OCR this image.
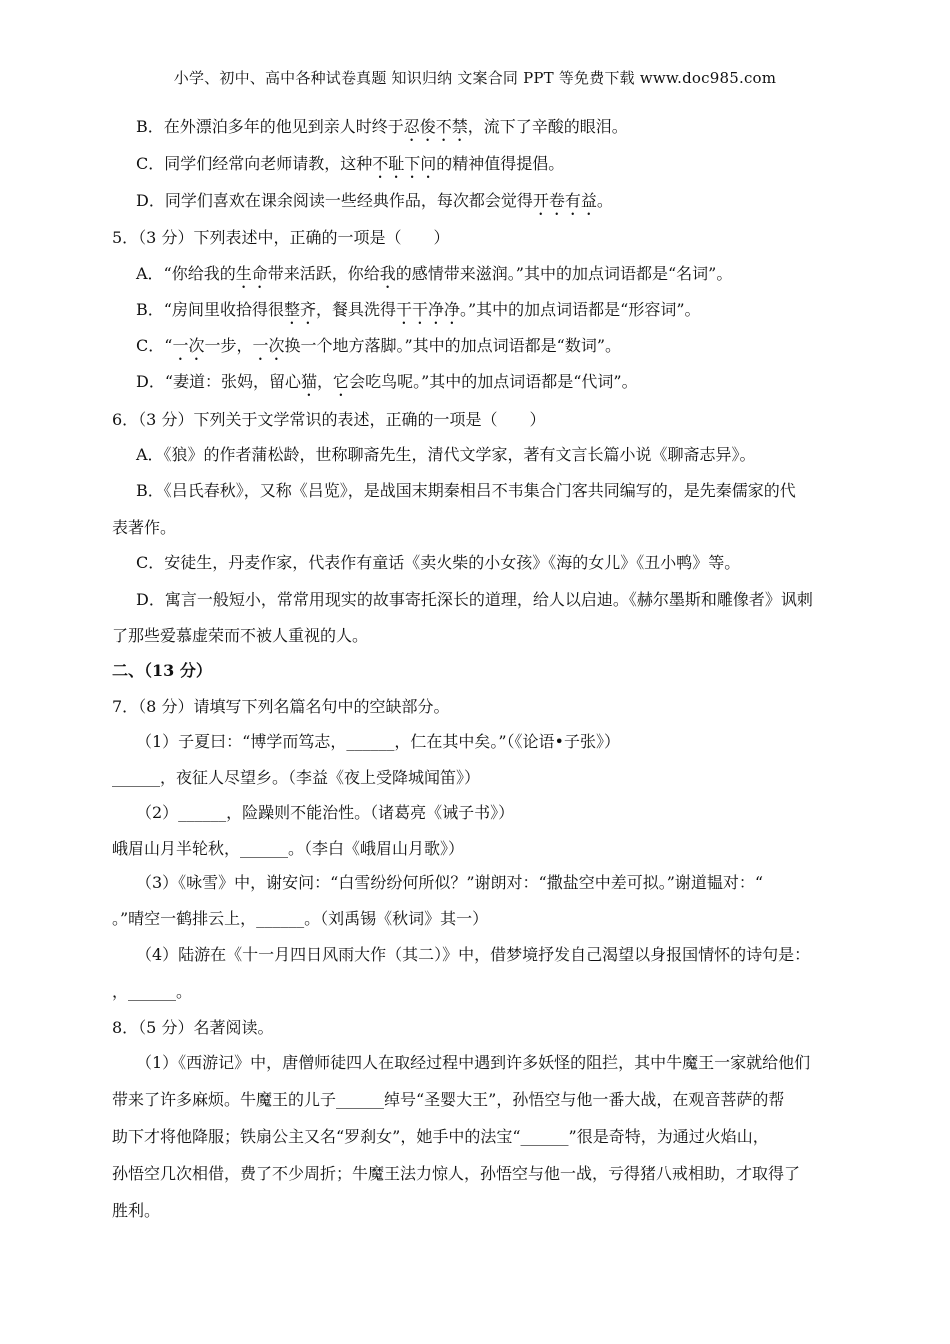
小学、初中、高中各种试卷真题 知识归纳 文案合同 PPT 等免费下载 www.doc985.com
B．在外漂泊多年的他见到亲人时终于忍俊不禁，流下了辛酸的眼泪。
C．同学们经常向老师请教，这种不耻下问的精神值得提倡。
D．同学们喜欢在课余阅读一些经典作品，每次都会觉得开卷有益。
5．（3 分）下列表述中，正确的一项是（　　）
A．“你给我的生命带来活跃，你给我的感情带来滋润。”其中的加点词语都是“名词”。
B．“房间里收拾得很整齐，餐具洗得干干净净。”其中的加点词语都是“形容词”。
C．“一次一步，一次换一个地方落脚。”其中的加点词语都是“数词”。
D．“妻道：张妈，留心猫，它会吃鸟呢。”其中的加点词语都是“代词”。
6．（3 分）下列关于文学常识的表述，正确的一项是（　　）
A．《狼》的作者蒲松龄，世称聊斋先生，清代文学家，著有文言长篇小说《聊斋志异》。
B．《吕氏春秋》，又称《吕览》，是战国末期秦相吕不韦集合门客共同编写的，是先秦儒家的代
表著作。
C．安徒生，丹麦作家，代表作有童话《卖火柴的小女孩》《海的女儿》《丑小鸭》等。
D．寓言一般短小，常常用现实的故事寄托深长的道理，给人以启迪。《赫尔墨斯和雕像者》讽刺
了那些爱慕虚荣而不被人重视的人。
二、（13 分）
7．（8 分）请填写下列名篇名句中的空缺部分。
（1）子夏曰：“博学而笃志，______，仁在其中矣。”（《论语•子张》）
______，夜征人尽望乡。（李益《夜上受降城闻笛》）
（2）______，险躁则不能治性。（诸葛亮《诫子书》）
峨眉山月半轮秋，______。（李白《峨眉山月歌》）
（3）《咏雪》中，谢安问：“白雪纷纷何所似？”谢朗对：“撒盐空中差可拟。”谢道韫对：“
。”晴空一鹤排云上，______。（刘禹锡《秋词》其一）
（4）陆游在《十一月四日风雨大作（其二）》中，借梦境抒发自己渴望以身报国情怀的诗句是：
，______。
8．（5 分）名著阅读。
（1）《西游记》中，唐僧师徒四人在取经过程中遇到许多妖怪的阻拦，其中牛魔王一家就给他们
带来了许多麻烦。牛魔王的儿子______绰号“圣婴大王”，孙悟空与他一番大战，在观音菩萨的帮
助下才将他降服；铁扇公主又名“罗刹女”，她手中的法宝“______”很是奇特，为通过火焰山，
孙悟空几次相借，费了不少周折；牛魔王法力惊人，孙悟空与他一战，亏得猪八戒相助，才取得了
胜利。
